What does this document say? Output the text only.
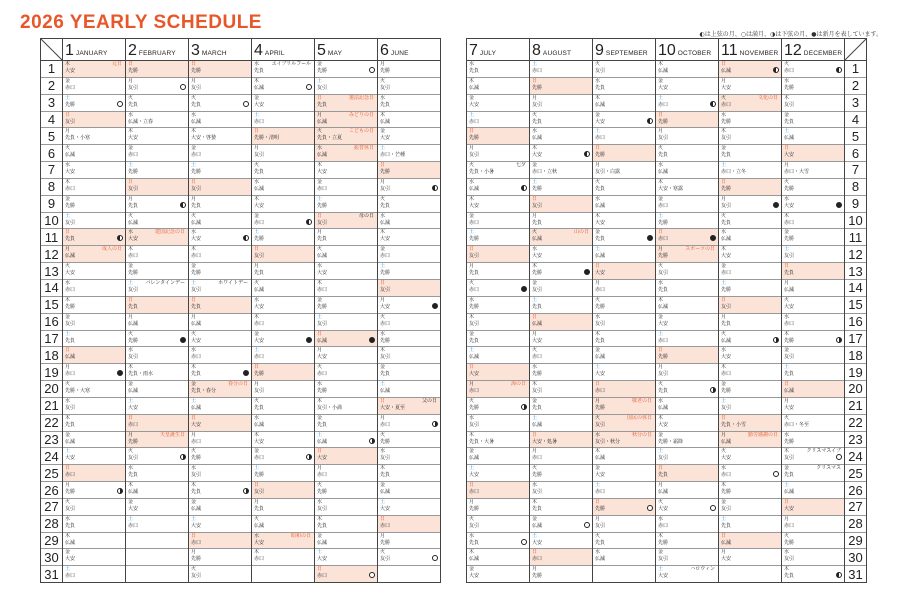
2026 YEARLY SCHEDULE
◐は上弦の月、○は満月、◑は下弦の月、●は新月を表しています。
1
2
3
4
5
6
7
8
9
10
11
12
13
14
15
16
17
18
19
20
21
22
23
24
25
26
27
28
29
30
31
1 JANUARY
木
大安
元日
金
赤口
土
先勝
日
友引
月
先負・小寒
火
仏滅
水
大安
木
赤口
金
先勝
土
友引
日
先負
月
仏滅
成人の日
火
大安
水
赤口
木
先勝
金
友引
土
先負
日
仏滅
月
赤口
火
先勝・大寒
水
友引
木
先負
金
仏滅
土
大安
日
赤口
月
先勝
火
友引
水
先負
木
仏滅
金
大安
土
赤口
2 FEBRUARY
日
先勝
月
友引
火
先負
水
仏滅・立春
木
大安
金
赤口
土
先勝
日
友引
月
先負
火
仏滅
水
大安
建国記念の日
木
赤口
金
先勝
土
友引
バレンタインデー
日
先負
月
仏滅
火
先勝
水
友引
木
先負・雨水
金
仏滅
土
大安
日
赤口
月
先勝
天皇誕生日
火
友引
水
先負
木
仏滅
金
大安
土
赤口
3 MARCH
日
先勝
月
友引
火
先負
水
仏滅
木
大安・啓蟄
金
赤口
土
先勝
日
友引
月
先負
火
仏滅
水
大安
木
赤口
金
先勝
土
友引
ホワイトデー
日
先負
月
仏滅
火
大安
水
赤口
木
先負
金
先負・春分
春分の日
土
仏滅
日
大安
月
赤口
火
先勝
水
友引
木
先負
金
仏滅
土
大安
日
赤口
月
先勝
火
友引
4 APRIL
水
先負
エイプリルフール
木
仏滅
金
大安
土
赤口
日
先勝・清明
月
友引
火
先負
水
仏滅
木
大安
金
赤口
土
先勝
日
友引
月
先負
火
仏滅
水
大安
木
赤口
金
大安
土
赤口
日
先勝
月
友引
火
先負
水
仏滅
木
大安
金
赤口
土
先勝
日
友引
月
先負
火
仏滅
水
大安
昭和の日
木
赤口
5 MAY
金
先勝
土
友引
日
先負
憲法記念日
月
仏滅
みどりの日
火
先負・立夏
こどもの日
水
仏滅
振替休日
木
大安
金
赤口
土
先勝
日
友引
母の日
月
先負
火
仏滅
水
大安
木
赤口
金
先勝
土
友引
日
仏滅
月
大安
火
赤口
水
先勝
木
友引・小満
金
先負
土
仏滅
日
大安
月
赤口
火
先勝
水
友引
木
先負
金
仏滅
土
大安
日
赤口
6 JUNE
月
先勝
火
友引
水
先負
木
仏滅
金
大安
土
赤口・芒種
日
先勝
月
友引
火
先負
水
仏滅
木
大安
金
赤口
土
先勝
日
友引
月
大安
火
赤口
水
先勝
木
友引
金
先負
土
仏滅
日
大安・夏至
父の日
月
赤口
火
先勝
水
友引
木
先負
金
仏滅
土
大安
日
赤口
月
先勝
火
友引
7 JULY
水
先負
木
仏滅
金
大安
土
赤口
日
先勝
月
友引
火
先負・小暑
七夕
水
仏滅
木
大安
金
赤口
土
先勝
日
友引
月
先負
火
赤口
水
先勝
木
友引
金
先負
土
仏滅
日
大安
月
赤口
海の日
火
先勝
水
友引
木
先負・大暑
金
仏滅
土
大安
日
赤口
月
先勝
火
友引
水
先負
木
仏滅
金
大安
8 AUGUST
土
赤口
日
先勝
月
友引
火
先負
水
仏滅
木
大安
金
赤口・立秋
土
先勝
日
友引
月
先負
火
仏滅
山の日
水
大安
木
先勝
金
友引
土
先負
日
仏滅
月
大安
火
赤口
水
先勝
木
友引
金
先負
土
仏滅
日
大安・処暑
月
赤口
火
先勝
水
友引
木
先負
金
仏滅
土
大安
日
赤口
月
先勝
9 SEPTEMBER
火
友引
水
先負
木
仏滅
金
大安
土
赤口
日
先勝
月
友引・白露
火
先負
水
仏滅
木
大安
金
先負
土
仏滅
日
大安
月
赤口
火
先勝
水
友引
木
先負
金
仏滅
土
大安
日
赤口
月
先勝
敬老の日
火
友引
国民の休日
水
友引・秋分
秋分の日
木
仏滅
金
大安
土
赤口
日
先勝
月
友引
火
先負
水
仏滅
10 OCTOBER
木
仏滅
金
大安
土
赤口
日
先勝
月
友引
火
先負
水
仏滅
木
大安・寒露
金
赤口
土
先勝
日
赤口
月
先勝
スポーツの日
火
友引
水
先負
木
仏滅
金
大安
土
赤口
日
先勝
月
友引
火
先負
水
仏滅
木
大安
金
先勝・霜降
土
友引
日
先負
月
仏滅
火
大安
水
赤口
木
先勝
金
友引
土
大安
ハロウィン
11 NOVEMBER
日
仏滅
月
大安
火
赤口
文化の日
水
先勝
木
友引
金
先負
土
赤口・立冬
日
先勝
月
友引
火
先負
水
仏滅
木
大安
金
赤口
土
先勝
日
友引
月
先負
火
仏滅
水
大安
木
赤口
金
先勝
土
友引
日
先負・小雪
月
仏滅
勤労感謝の日
火
大安
水
赤口
木
先勝
金
友引
土
先負
日
仏滅
月
大安
12 DECEMBER
火
赤口
水
先勝
木
友引
金
先負
土
仏滅
日
大安
月
赤口・大雪
火
先勝
水
大安
木
赤口
金
先勝
土
友引
日
先負
月
仏滅
火
大安
水
赤口
木
先勝
金
友引
土
先負
日
仏滅
月
大安
火
赤口・冬至
水
先勝
木
友引
クリスマスイブ
金
先負
クリスマス
土
仏滅
日
大安
月
赤口
火
先勝
水
友引
木
先負
1
2
3
4
5
6
7
8
9
10
11
12
13
14
15
16
17
18
19
20
21
22
23
24
25
26
27
28
29
30
31
